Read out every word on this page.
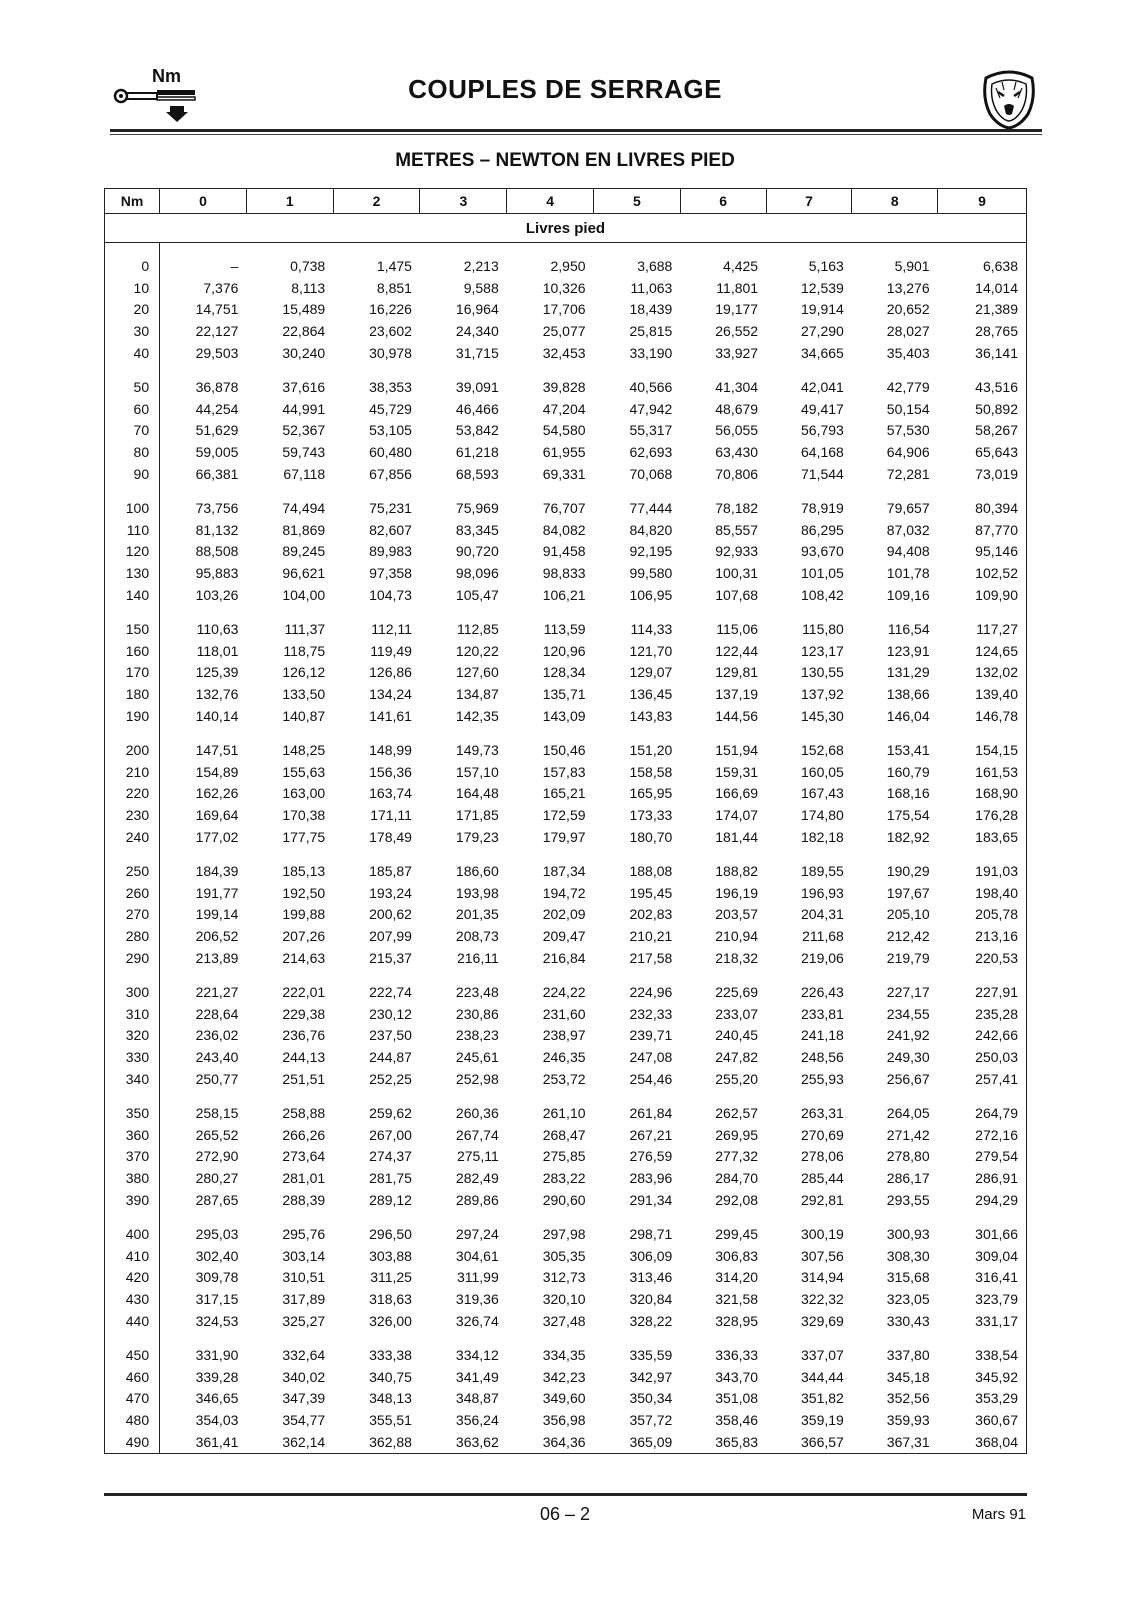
Nm	COUPLES DE SERRAGE
METRES – NEWTON EN LIVRES PIED
Nm	0	1	2	3	4	5	6	7	8	9
Livres pied										

0	–	0,738	1,475	2,213	2,950	3,688	4,425	5,163	5,901	6,638
10	7,376	8,113	8,851	9,588	10,326	11,063	11,801	12,539	13,276	14,014
20	14,751	15,489	16,226	16,964	17,706	18,439	19,177	19,914	20,652	21,389
30	22,127	22,864	23,602	24,340	25,077	25,815	26,552	27,290	28,027	28,765
40	29,503	30,240	30,978	31,715	32,453	33,190	33,927	34,665	35,403	36,141

50	36,878	37,616	38,353	39,091	39,828	40,566	41,304	42,041	42,779	43,516
60	44,254	44,991	45,729	46,466	47,204	47,942	48,679	49,417	50,154	50,892
70	51,629	52,367	53,105	53,842	54,580	55,317	56,055	56,793	57,530	58,267
80	59,005	59,743	60,480	61,218	61,955	62,693	63,430	64,168	64,906	65,643
90	66,381	67,118	67,856	68,593	69,331	70,068	70,806	71,544	72,281	73,019

100	73,756	74,494	75,231	75,969	76,707	77,444	78,182	78,919	79,657	80,394
110	81,132	81,869	82,607	83,345	84,082	84,820	85,557	86,295	87,032	87,770
120	88,508	89,245	89,983	90,720	91,458	92,195	92,933	93,670	94,408	95,146
130	95,883	96,621	97,358	98,096	98,833	99,580	100,31	101,05	101,78	102,52
140	103,26	104,00	104,73	105,47	106,21	106,95	107,68	108,42	109,16	109,90

150	110,63	111,37	112,11	112,85	113,59	114,33	115,06	115,80	116,54	117,27
160	118,01	118,75	119,49	120,22	120,96	121,70	122,44	123,17	123,91	124,65
170	125,39	126,12	126,86	127,60	128,34	129,07	129,81	130,55	131,29	132,02
180	132,76	133,50	134,24	134,87	135,71	136,45	137,19	137,92	138,66	139,40
190	140,14	140,87	141,61	142,35	143,09	143,83	144,56	145,30	146,04	146,78

200	147,51	148,25	148,99	149,73	150,46	151,20	151,94	152,68	153,41	154,15
210	154,89	155,63	156,36	157,10	157,83	158,58	159,31	160,05	160,79	161,53
220	162,26	163,00	163,74	164,48	165,21	165,95	166,69	167,43	168,16	168,90
230	169,64	170,38	171,11	171,85	172,59	173,33	174,07	174,80	175,54	176,28
240	177,02	177,75	178,49	179,23	179,97	180,70	181,44	182,18	182,92	183,65

250	184,39	185,13	185,87	186,60	187,34	188,08	188,82	189,55	190,29	191,03
260	191,77	192,50	193,24	193,98	194,72	195,45	196,19	196,93	197,67	198,40
270	199,14	199,88	200,62	201,35	202,09	202,83	203,57	204,31	205,10	205,78
280	206,52	207,26	207,99	208,73	209,47	210,21	210,94	211,68	212,42	213,16
290	213,89	214,63	215,37	216,11	216,84	217,58	218,32	219,06	219,79	220,53

300	221,27	222,01	222,74	223,48	224,22	224,96	225,69	226,43	227,17	227,91
310	228,64	229,38	230,12	230,86	231,60	232,33	233,07	233,81	234,55	235,28
320	236,02	236,76	237,50	238,23	238,97	239,71	240,45	241,18	241,92	242,66
330	243,40	244,13	244,87	245,61	246,35	247,08	247,82	248,56	249,30	250,03
340	250,77	251,51	252,25	252,98	253,72	254,46	255,20	255,93	256,67	257,41

350	258,15	258,88	259,62	260,36	261,10	261,84	262,57	263,31	264,05	264,79
360	265,52	266,26	267,00	267,74	268,47	267,21	269,95	270,69	271,42	272,16
370	272,90	273,64	274,37	275,11	275,85	276,59	277,32	278,06	278,80	279,54
380	280,27	281,01	281,75	282,49	283,22	283,96	284,70	285,44	286,17	286,91
390	287,65	288,39	289,12	289,86	290,60	291,34	292,08	292,81	293,55	294,29

400	295,03	295,76	296,50	297,24	297,98	298,71	299,45	300,19	300,93	301,66
410	302,40	303,14	303,88	304,61	305,35	306,09	306,83	307,56	308,30	309,04
420	309,78	310,51	311,25	311,99	312,73	313,46	314,20	314,94	315,68	316,41
430	317,15	317,89	318,63	319,36	320,10	320,84	321,58	322,32	323,05	323,79
440	324,53	325,27	326,00	326,74	327,48	328,22	328,95	329,69	330,43	331,17

450	331,90	332,64	333,38	334,12	334,35	335,59	336,33	337,07	337,80	338,54
460	339,28	340,02	340,75	341,49	342,23	342,97	343,70	344,44	345,18	345,92
470	346,65	347,39	348,13	348,87	349,60	350,34	351,08	351,82	352,56	353,29
480	354,03	354,77	355,51	356,24	356,98	357,72	358,46	359,19	359,93	360,67
490	361,41	362,14	362,88	363,62	364,36	365,09	365,83	366,57	367,31	368,04
06 – 2	Mars 91
